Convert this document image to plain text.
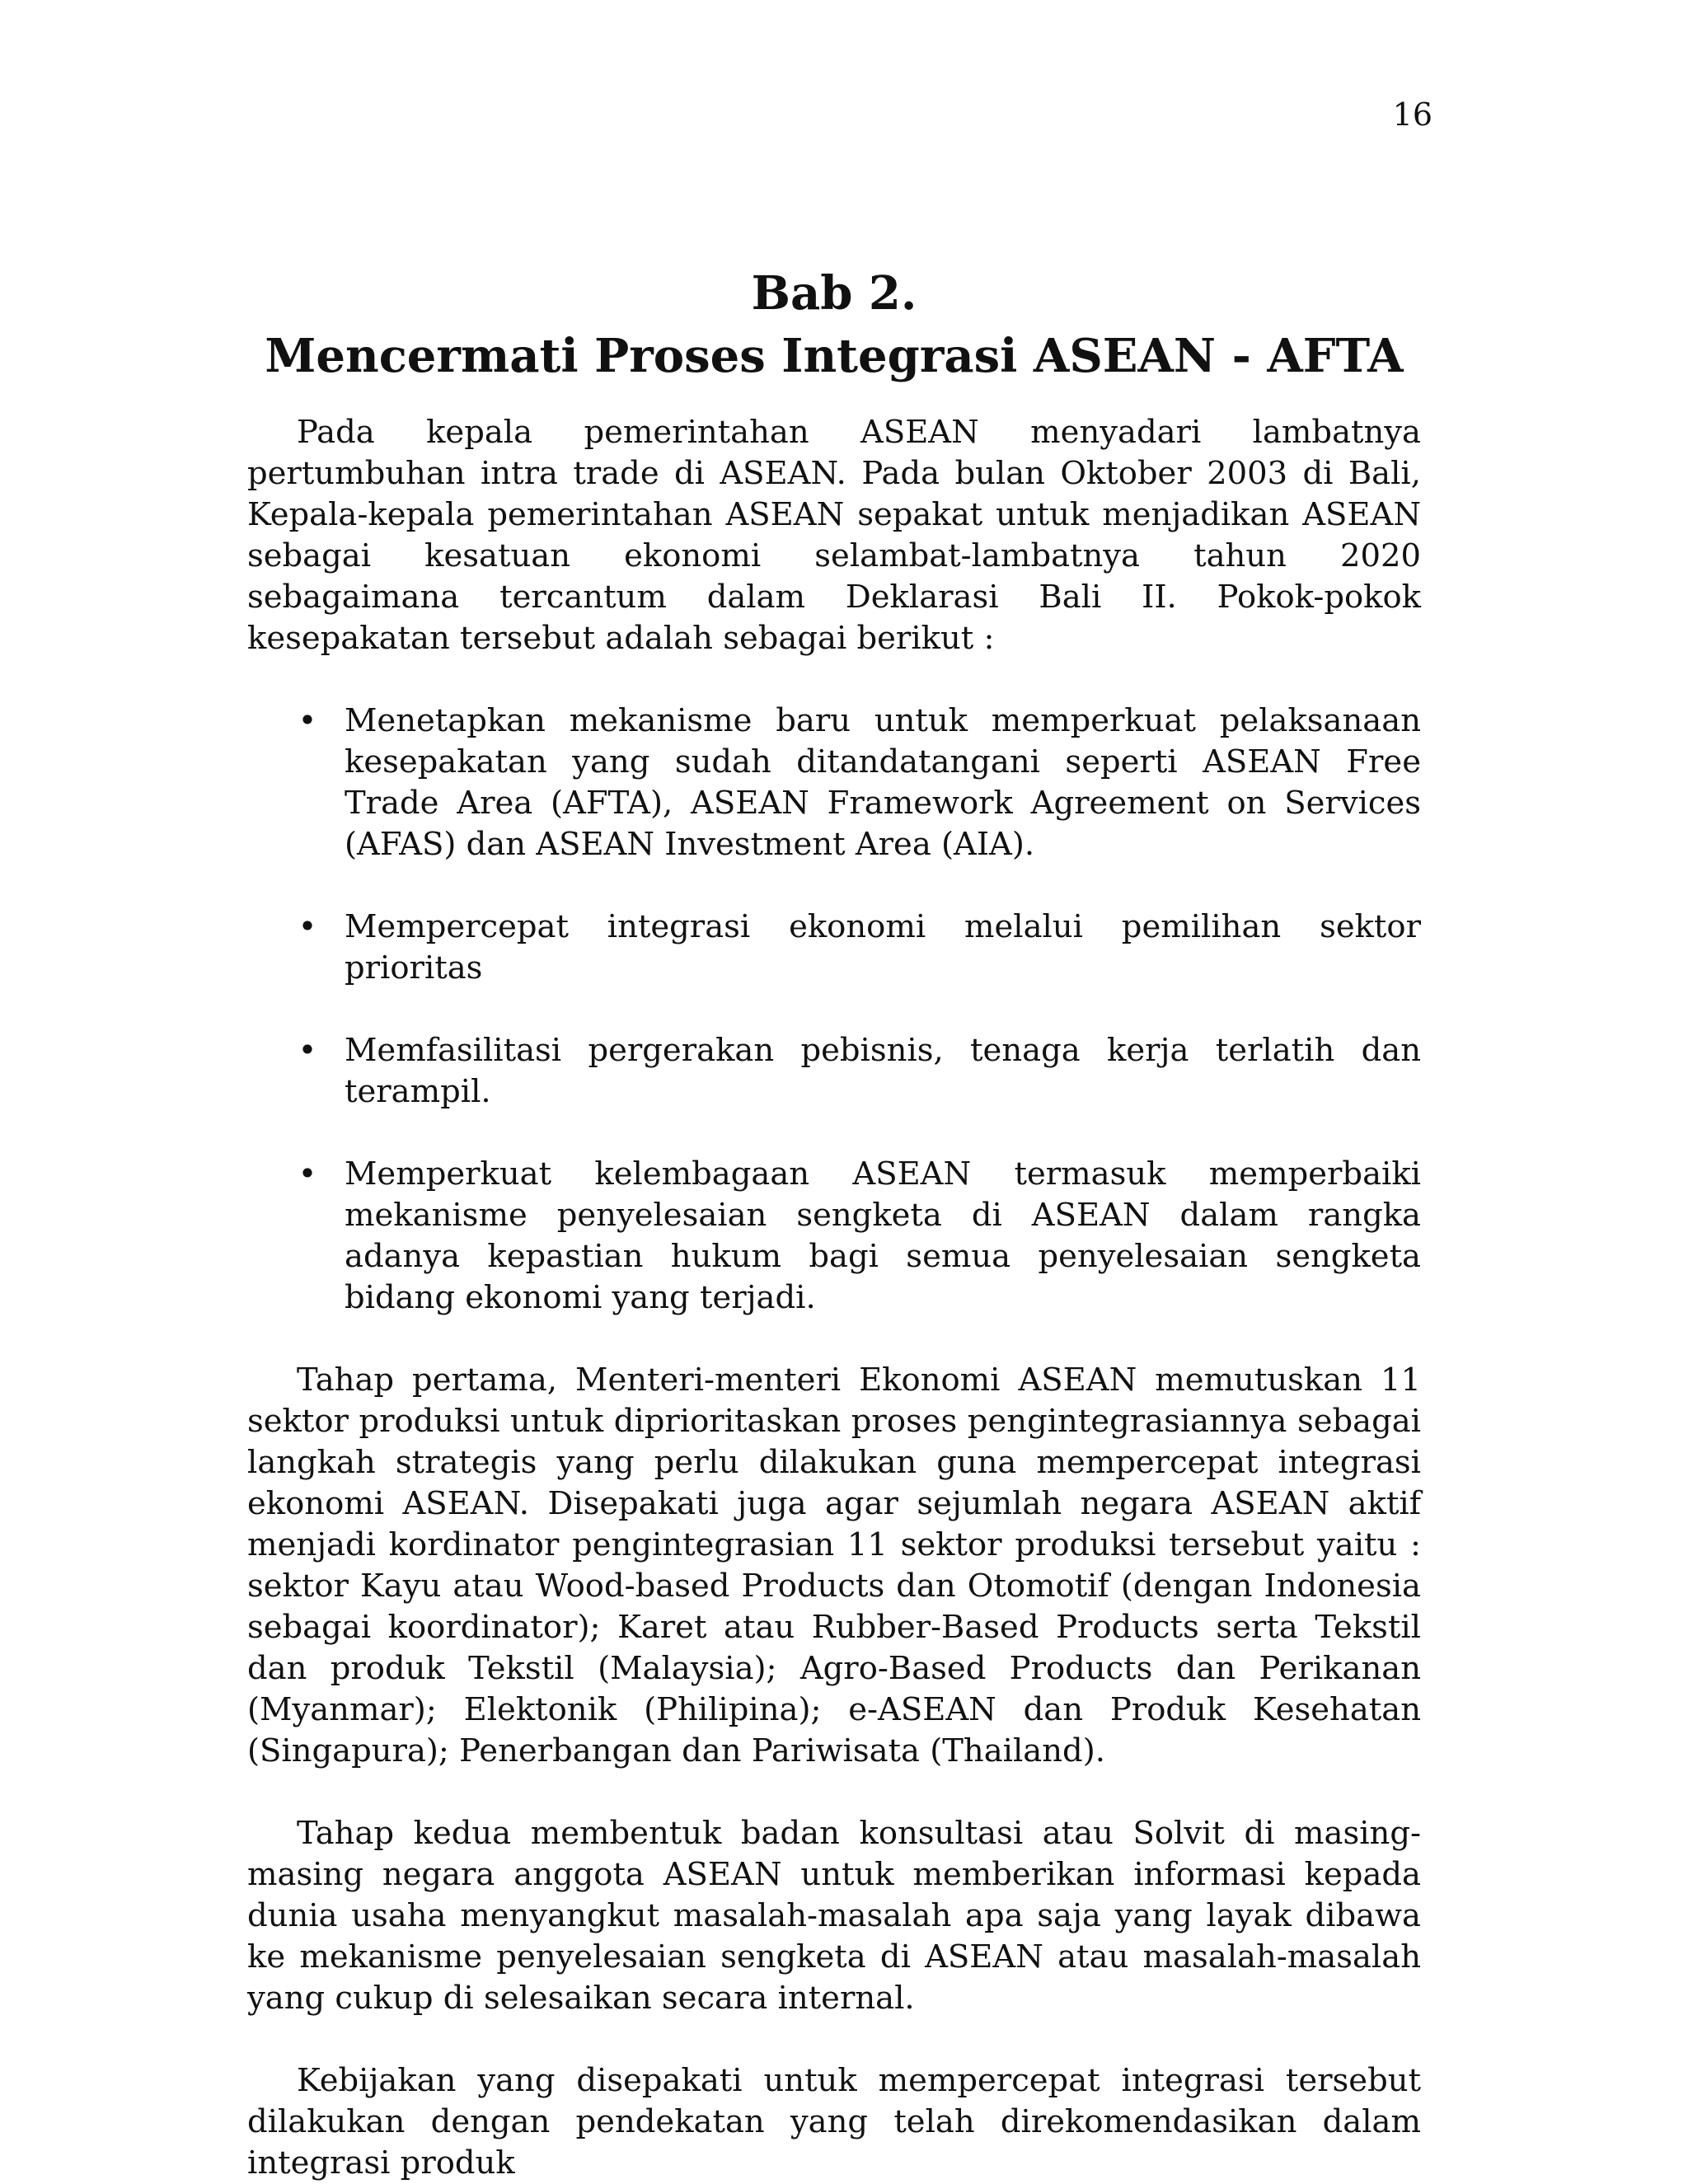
16
Bab 2.
Mencermati Proses Integrasi ASEAN - AFTA

Pada kepala pemerintahan ASEAN menyadari lambatnya pertumbuhan intra trade di ASEAN. Pada bulan Oktober 2003 di Bali, Kepala-kepala pemerintahan ASEAN sepakat untuk menjadikan ASEAN sebagai kesatuan ekonomi selambat-lambatnya tahun 2020 sebagaimana tercantum dalam Deklarasi Bali II. Pokok-pokok kesepakatan tersebut adalah sebagai berikut :

• Menetapkan mekanisme baru untuk memperkuat pelaksanaan kesepakatan yang sudah ditandatangani seperti ASEAN Free Trade Area (AFTA), ASEAN Framework Agreement on Services (AFAS) dan ASEAN Investment Area (AIA).
• Mempercepat integrasi ekonomi melalui pemilihan sektor prioritas
• Memfasilitasi pergerakan pebisnis, tenaga kerja terlatih dan terampil.
• Memperkuat kelembagaan ASEAN termasuk memperbaiki mekanisme penyelesaian sengketa di ASEAN dalam rangka adanya kepastian hukum bagi semua penyelesaian sengketa bidang ekonomi yang terjadi.

Tahap pertama, Menteri-menteri Ekonomi ASEAN memutuskan 11 sektor produksi untuk diprioritaskan proses pengintegrasiannya sebagai langkah strategis yang perlu dilakukan guna mempercepat integrasi ekonomi ASEAN. Disepakati juga agar sejumlah negara ASEAN aktif menjadi kordinator pengintegrasian 11 sektor produksi tersebut yaitu : sektor Kayu atau Wood-based Products dan Otomotif (dengan Indonesia sebagai koordinator); Karet atau Rubber-Based Products serta Tekstil dan produk Tekstil (Malaysia); Agro-Based Products dan Perikanan (Myanmar); Elektonik (Philipina); e-ASEAN dan Produk Kesehatan (Singapura); Penerbangan dan Pariwisata (Thailand).

Tahap kedua membentuk badan konsultasi atau Solvit di masing-masing negara anggota ASEAN untuk memberikan informasi kepada dunia usaha menyangkut masalah-masalah apa saja yang layak dibawa ke mekanisme penyelesaian sengketa di ASEAN atau masalah-masalah yang cukup di selesaikan secara internal.

Kebijakan yang disepakati untuk mempercepat integrasi tersebut dilakukan dengan pendekatan yang telah direkomendasikan dalam integrasi produk
